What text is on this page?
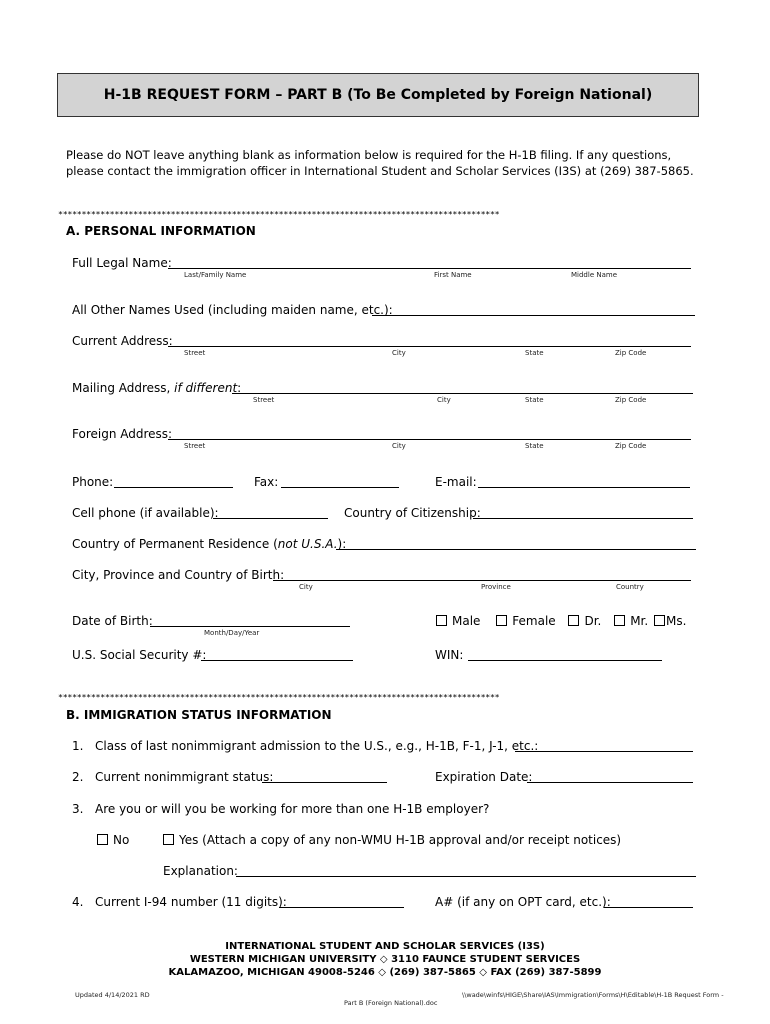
H-1B REQUEST FORM – PART B (To Be Completed by Foreign National)
Please do NOT leave anything blank as information below is required for the H-1B filing. If any questions, please contact the immigration officer in International Student and Scholar Services (I3S) at (269) 387-5865.
**********************************************************************************************
A. PERSONAL INFORMATION
Full Legal Name:
Last/Family Name	First Name	Middle Name
All Other Names Used (including maiden name, etc.):
Current Address:
Street	City	State	Zip Code
Mailing Address, if different:
Street	City	State	Zip Code
Foreign Address:
Street	City	State	Zip Code
Phone:	Fax:	E-mail:
Cell phone (if available):	Country of Citizenship:
Country of Permanent Residence (not U.S.A.):
City, Province and Country of Birth:
City	Province	Country
Date of Birth:
Month/Day/Year
Male	Female Dr. Mr. Ms.
U.S. Social Security #:	WIN:
**********************************************************************************************
B. IMMIGRATION STATUS INFORMATION
1. Class of last nonimmigrant admission to the U.S., e.g., H-1B, F-1, J-1, etc.:
2. Current nonimmigrant status:	Expiration Date:
3. Are you or will you be working for more than one H-1B employer?
No	Yes (Attach a copy of any non-WMU H-1B approval and/or receipt notices)
Explanation:
4. Current I-94 number (11 digits):	A# (if any on OPT card, etc.):
INTERNATIONAL STUDENT AND SCHOLAR SERVICES (I3S)
WESTERN MICHIGAN UNIVERSITY ◇ 3110 FAUNCE STUDENT SERVICES
KALAMAZOO, MICHIGAN 49008-5246 ◇ (269) 387-5865 ◇ FAX (269) 387-5899
Updated 4/14/2021 RD	\\wade\winfs\HIGE\Share\IAS\Immigration\Forms\H\Editable\H-1B Request Form -
Part B (Foreign National).doc
